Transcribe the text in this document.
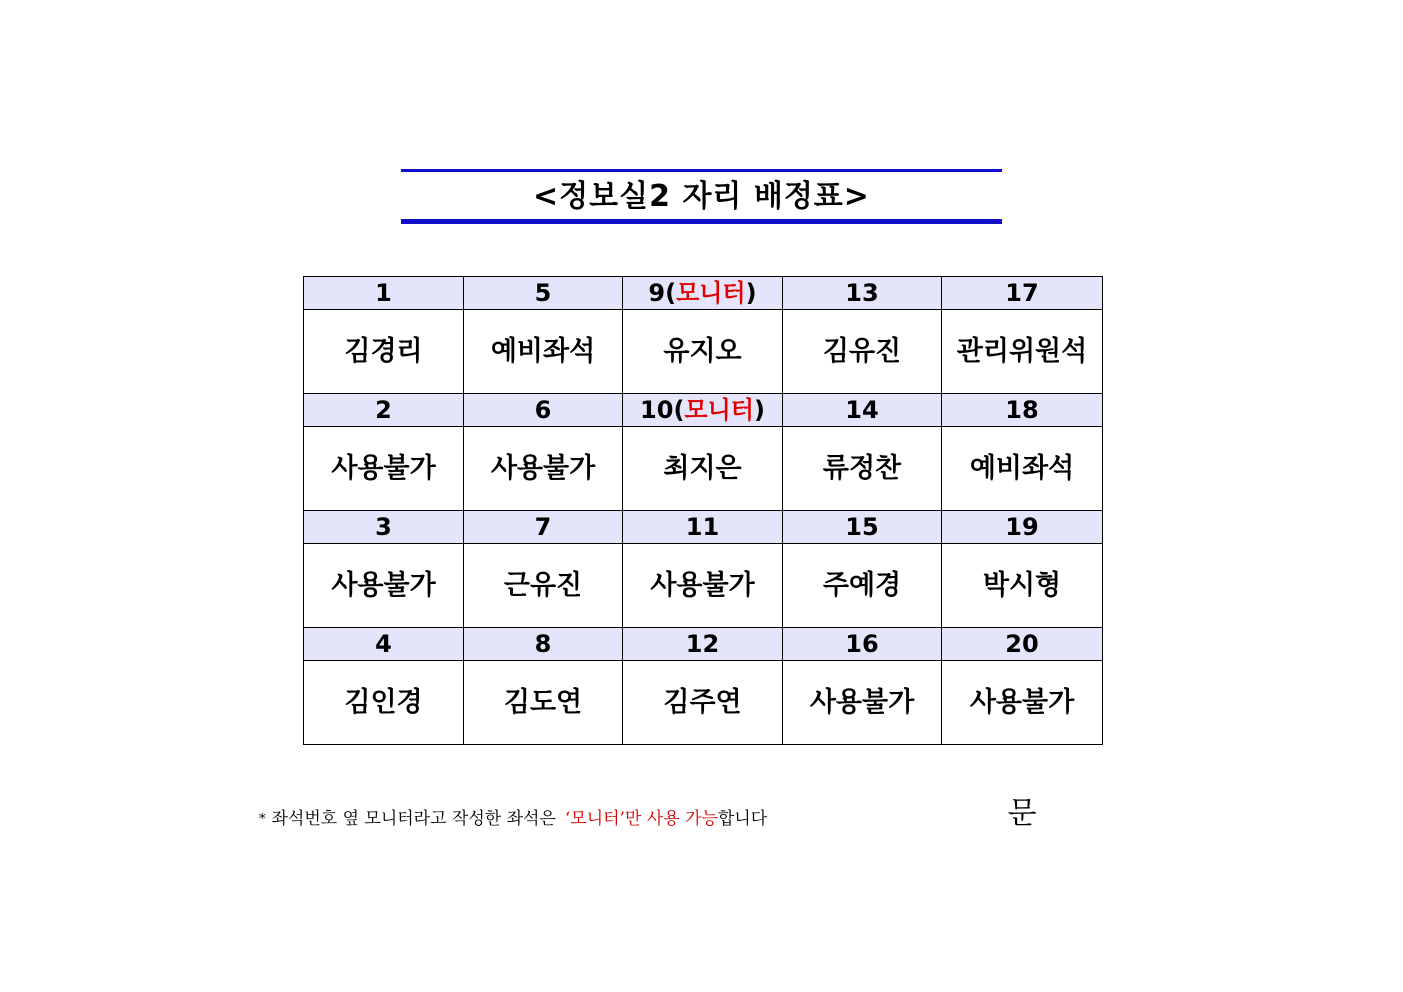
<정보실2 자리 배정표>
1	5	9(모니터)	13	17
김경리	예비좌석	유지오	김유진	관리위원석
2	6	10(모니터)	14	18
사용불가	사용불가	최지은	류정찬	예비좌석
3	7	11	15	19
사용불가	근유진	사용불가	주예경	박시형
4	8	12	16	20
김인경	김도연	김주연	사용불가	사용불가
* 좌석번호 옆 모니터라고 작성한 좌석은 ‘모니터’만 사용 가능합니다	문
